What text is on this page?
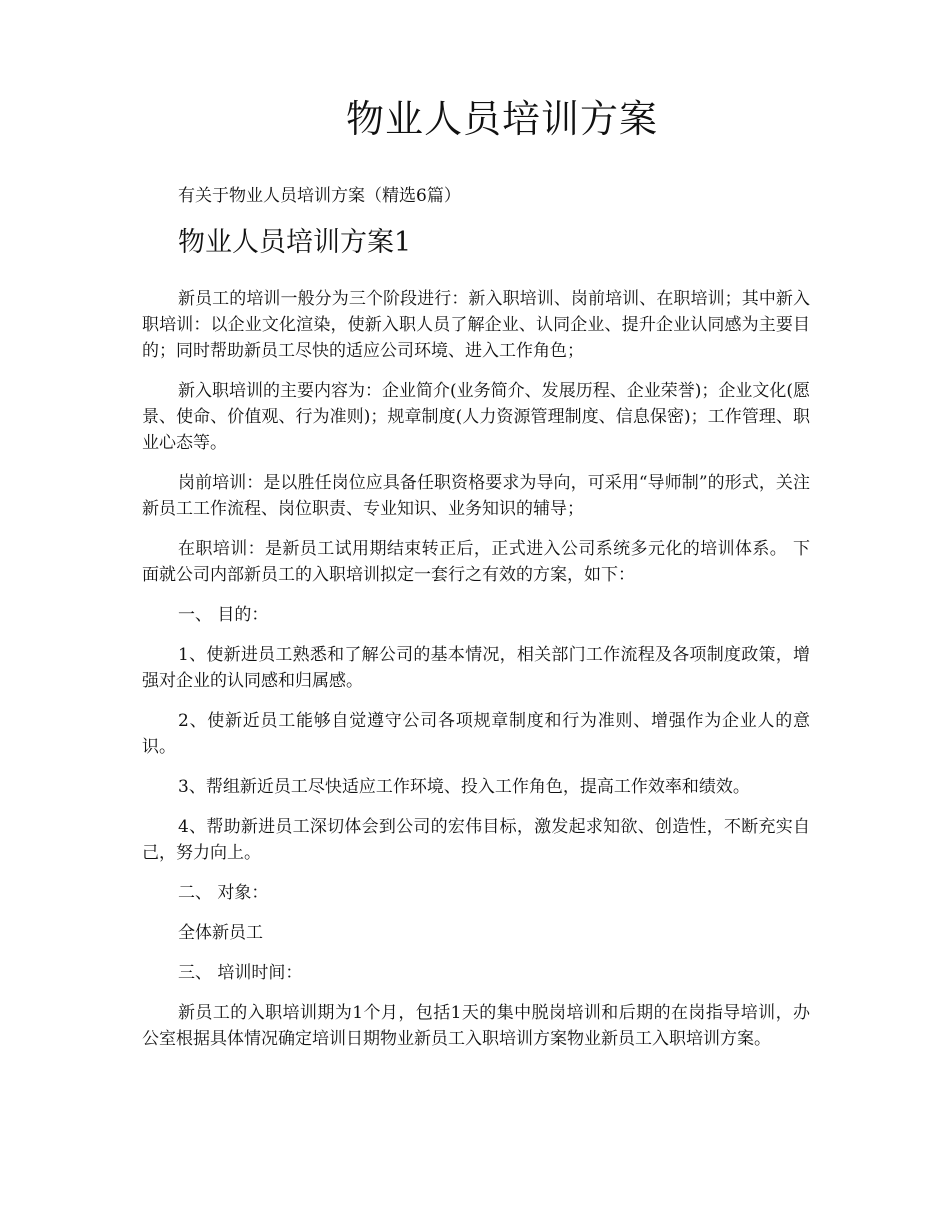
物业人员培训方案

有关于物业人员培训方案（精选6篇）

物业人员培训方案1

新员工的培训一般分为三个阶段进行：新入职培训、岗前培训、在职培训；其中新入职培训：以企业文化渲染，使新入职人员了解企业、认同企业、提升企业认同感为主要目的；同时帮助新员工尽快的适应公司环境、进入工作角色；

新入职培训的主要内容为：企业简介(业务简介、发展历程、企业荣誉)；企业文化(愿景、使命、价值观、行为准则)；规章制度(人力资源管理制度、信息保密)；工作管理、职业心态等。

岗前培训：是以胜任岗位应具备任职资格要求为导向，可采用“导师制”的形式，关注新员工工作流程、岗位职责、专业知识、业务知识的辅导；

在职培训：是新员工试用期结束转正后，正式进入公司系统多元化的培训体系。 下面就公司内部新员工的入职培训拟定一套行之有效的方案，如下：

一、 目的：

1、使新进员工熟悉和了解公司的基本情况，相关部门工作流程及各项制度政策，增强对企业的认同感和归属感。

2、使新近员工能够自觉遵守公司各项规章制度和行为准则、增强作为企业人的意识。

3、帮组新近员工尽快适应工作环境、投入工作角色，提高工作效率和绩效。

4、帮助新进员工深切体会到公司的宏伟目标，激发起求知欲、创造性，不断充实自己，努力向上。

二、 对象：

全体新员工

三、 培训时间：

新员工的入职培训期为1个月，包括1天的集中脱岗培训和后期的在岗指导培训，办公室根据具体情况确定培训日期物业新员工入职培训方案物业新员工入职培训方案。
